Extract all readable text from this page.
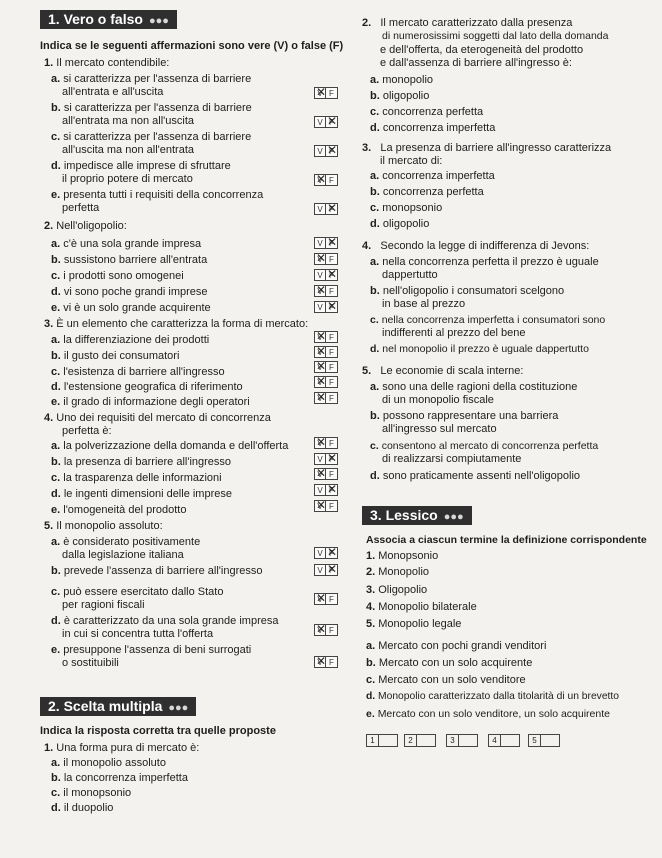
1. Vero o falso ●●●
Indica se le seguenti affermazioni sono vere (V) o false (F)
1. Il mercato contendibile:
a. si caratterizza per l'assenza di barriere
all'entrata e all'uscita	V ✕ F
b. si caratterizza per l'assenza di barriere
all'entrata ma non all'uscita	V F ✕
c. si caratterizza per l'assenza di barriere
all'uscita ma non all'entrata	V F ✕
d. impedisce alle imprese di sfruttare
il proprio potere di mercato	V ✕ F
e. presenta tutti i requisiti della concorrenza
perfetta	V F ✕
2. Nell'oligopolio:
a. c'è una sola grande impresa	V F ✕
b. sussistono barriere all'entrata	V ✕ F
c. i prodotti sono omogenei	V F ✕
d. vi sono poche grandi imprese	V ✕ F
e. vi è un solo grande acquirente	V F ✕
3. È un elemento che caratterizza la forma di mercato:
a. la differenziazione dei prodotti	V ✕ F
b. il gusto dei consumatori	V ✕ F
c. l'esistenza di barriere all'ingresso	V ✕ F
d. l'estensione geografica di riferimento	V ✕ F
e. il grado di informazione degli operatori	V ✕ F
4. Uno dei requisiti del mercato di concorrenza
perfetta è:
a. la polverizzazione della domanda e dell'offerta	V ✕ F
b. la presenza di barriere all'ingresso	V F ✕
c. la trasparenza delle informazioni	V ✕ F
d. le ingenti dimensioni delle imprese	V F ✕
e. l'omogeneità del prodotto	V ✕ F
5. Il monopolio assoluto:
a. è considerato positivamente
dalla legislazione italiana	V F ✕
b. prevede l'assenza di barriere all'ingresso	V F ✕
c. può essere esercitato dallo Stato
per ragioni fiscali	V ✕ F
d. è caratterizzato da una sola grande impresa
in cui si concentra tutta l'offerta	V ✕ F
e. presuppone l'assenza di beni surrogati
o sostituibili	V ✕ F
2. Scelta multipla ●●●
Indica la risposta corretta tra quelle proposte
1. Una forma pura di mercato è:
a. il monopolio assoluto
b. la concorrenza imperfetta
c. il monopsonio
d. il duopolio
2. Il mercato caratterizzato dalla presenza
di numerosissimi soggetti dal lato della domanda
e dell'offerta, da eterogeneità del prodotto
e dall'assenza di barriere all'ingresso è:
a. monopolio
b. oligopolio
c. concorrenza perfetta
d. concorrenza imperfetta
3. La presenza di barriere all'ingresso caratterizza
il mercato di:
a. concorrenza imperfetta
b. concorrenza perfetta
c. monopsonio
d. oligopolio
4. Secondo la legge di indifferenza di Jevons:
a. nella concorrenza perfetta il prezzo è uguale
dappertutto
b. nell'oligopolio i consumatori scelgono
in base al prezzo
c. nella concorrenza imperfetta i consumatori sono
indifferenti al prezzo del bene
d. nel monopolio il prezzo è uguale dappertutto
5. Le economie di scala interne:
a. sono una delle ragioni della costituzione
di un monopolio fiscale
b. possono rappresentare una barriera
all'ingresso sul mercato
c. consentono al mercato di concorrenza perfetta
di realizzarsi compiutamente
d. sono praticamente assenti nell'oligopolio
3. Lessico ●●●
Associa a ciascun termine la definizione corrispondente
1. Monopsonio
2. Monopolio
3. Oligopolio
4. Monopolio bilaterale
5. Monopolio legale
a. Mercato con pochi grandi venditori
b. Mercato con un solo acquirente
c. Mercato con un solo venditore
d. Monopolio caratterizzato dalla titolarità di un brevetto
e. Mercato con un solo venditore, un solo acquirente
1	2	3	4	5
